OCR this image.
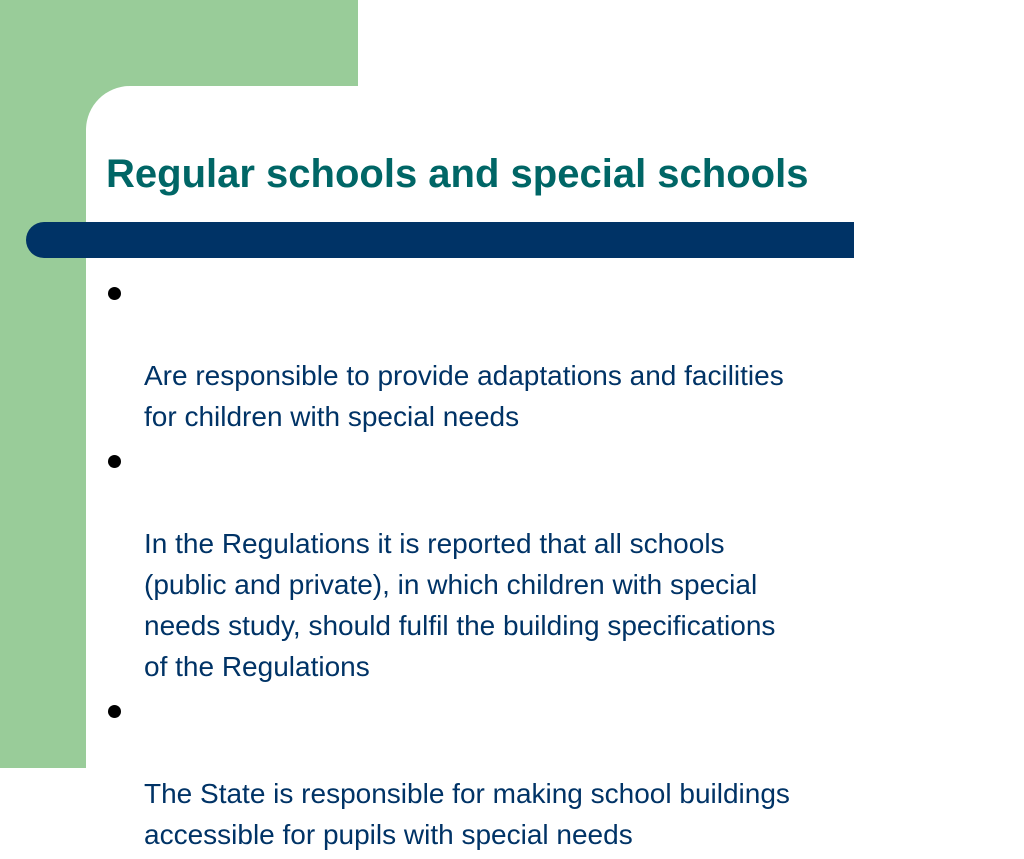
Regular schools and special schools

Are responsible to provide adaptations and facilities
for children with special needs

In the Regulations it is reported that all schools
(public and private), in which children with special
needs study, should fulfil the building specifications
of the Regulations

The State is responsible for making school buildings
accessible for pupils with special needs
